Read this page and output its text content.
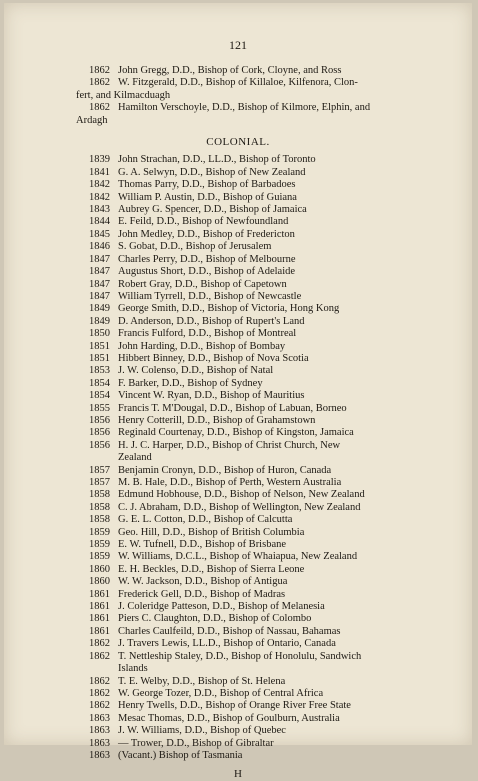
121
1862 John Gregg, D.D., Bishop of Cork, Cloyne, and Ross
1862 W. Fitzgerald, D.D., Bishop of Killaloe, Kilfenora, Clon-
fert, and Kilmacduagh
1862 Hamilton Verschoyle, D.D., Bishop of Kilmore, Elphin, and
Ardagh
COLONIAL.
1839 John Strachan, D.D., LL.D., Bishop of Toronto
1841 G. A. Selwyn, D.D., Bishop of New Zealand
1842 Thomas Parry, D.D., Bishop of Barbadoes
1842 William P. Austin, D.D., Bishop of Guiana
1843 Aubrey G. Spencer, D.D., Bishop of Jamaica
1844 E. Feild, D.D., Bishop of Newfoundland
1845 John Medley, D.D., Bishop of Fredericton
1846 S. Gobat, D.D., Bishop of Jerusalem
1847 Charles Perry, D.D., Bishop of Melbourne
1847 Augustus Short, D.D., Bishop of Adelaide
1847 Robert Gray, D.D., Bishop of Capetown
1847 William Tyrrell, D.D., Bishop of Newcastle
1849 George Smith, D.D., Bishop of Victoria, Hong Kong
1849 D. Anderson, D.D., Bishop of Rupert's Land
1850 Francis Fulford, D.D., Bishop of Montreal
1851 John Harding, D.D., Bishop of Bombay
1851 Hibbert Binney, D.D., Bishop of Nova Scotia
1853 J. W. Colenso, D.D., Bishop of Natal
1854 F. Barker, D.D., Bishop of Sydney
1854 Vincent W. Ryan, D.D., Bishop of Mauritius
1855 Francis T. M'Dougal, D.D., Bishop of Labuan, Borneo
1856 Henry Cotterill, D.D., Bishop of Grahamstown
1856 Reginald Courtenay, D.D., Bishop of Kingston, Jamaica
1856 H. J. C. Harper, D.D., Bishop of Christ Church, New
Zealand
1857 Benjamin Cronyn, D.D., Bishop of Huron, Canada
1857 M. B. Hale, D.D., Bishop of Perth, Western Australia
1858 Edmund Hobhouse, D.D., Bishop of Nelson, New Zealand
1858 C. J. Abraham, D.D., Bishop of Wellington, New Zealand
1858 G. E. L. Cotton, D.D., Bishop of Calcutta
1859 Geo. Hill, D.D., Bishop of British Columbia
1859 E. W. Tufnell, D.D., Bishop of Brisbane
1859 W. Williams, D.C.L., Bishop of Whaiapua, New Zealand
1860 E. H. Beckles, D.D., Bishop of Sierra Leone
1860 W. W. Jackson, D.D., Bishop of Antigua
1861 Frederick Gell, D.D., Bishop of Madras
1861 J. Coleridge Patteson, D.D., Bishop of Melanesia
1861 Piers C. Claughton, D.D., Bishop of Colombo
1861 Charles Caulfeild, D.D., Bishop of Nassau, Bahamas
1862 J. Travers Lewis, LL.D., Bishop of Ontario, Canada
1862 T. Nettleship Staley, D.D., Bishop of Honolulu, Sandwich
Islands
1862 T. E. Welby, D.D., Bishop of St. Helena
1862 W. George Tozer, D.D., Bishop of Central Africa
1862 Henry Twells, D.D., Bishop of Orange River Free State
1863 Mesac Thomas, D.D., Bishop of Goulburn, Australia
1863 J. W. Williams, D.D., Bishop of Quebec
1863 — Trower, D.D., Bishop of Gibraltar
1863 (Vacant.) Bishop of Tasmania
H
